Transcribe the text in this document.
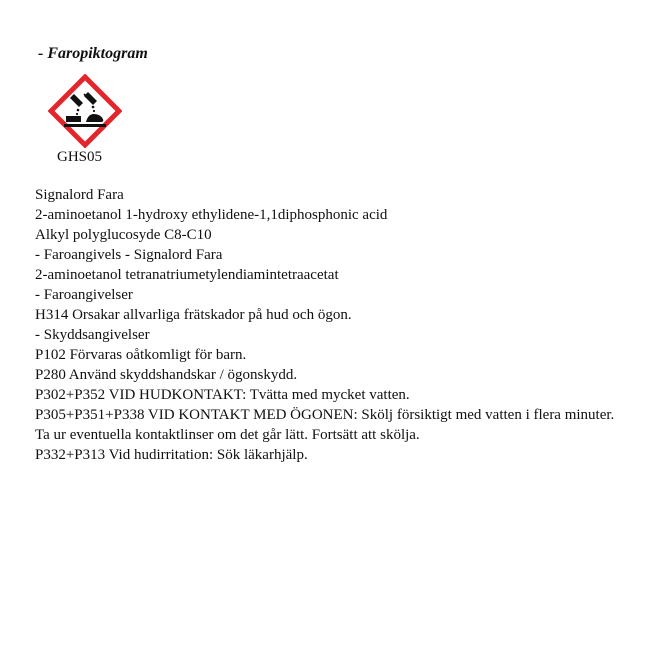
- Faropiktogram
GHS05
Signalord Fara
2-aminoetanol 1-hydroxy ethylidene-1,1diphosphonic acid
Alkyl polyglucosyde C8-C10
- Faroangivels - Signalord Fara
2-aminoetanol tetranatriumetylendiamintetraacetat
- Faroangivelser
H314 Orsakar allvarliga frätskador på hud och ögon.
- Skyddsangivelser
P102 Förvaras oåtkomligt för barn.
P280 Använd skyddshandskar / ögonskydd.
P302+P352 VID HUDKONTAKT: Tvätta med mycket vatten.
P305+P351+P338 VID KONTAKT MED ÖGONEN: Skölj försiktigt med vatten i flera minuter. Ta ur eventuella kontaktlinser om det går lätt. Fortsätt att skölja.
P332+P313 Vid hudirritation: Sök läkarhjälp.
